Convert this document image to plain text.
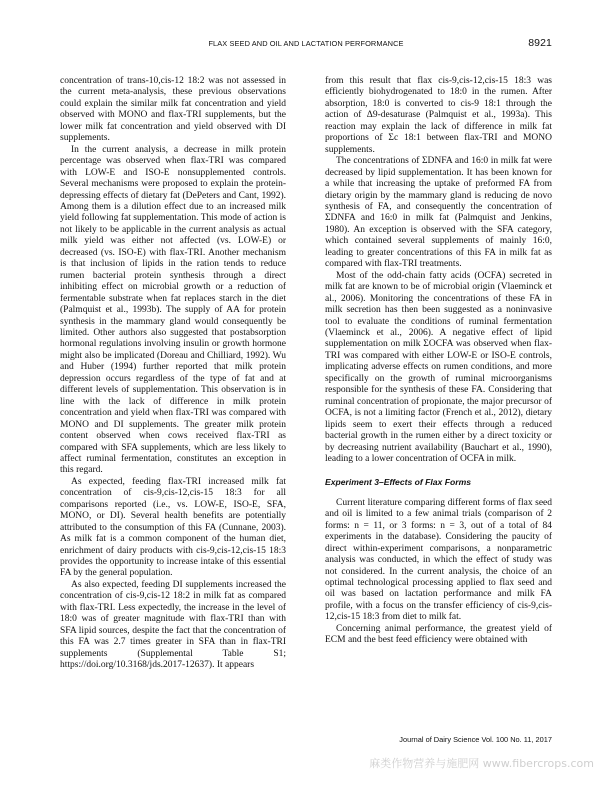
FLAX SEED AND OIL AND LACTATION PERFORMANCE	8921

concentration of trans-10,cis-12 18:2 was not assessed in the current meta-analysis, these previous observations could explain the similar milk fat concentration and yield observed with MONO and flax-TRI supplements, but the lower milk fat concentration and yield observed with DI supplements.

In the current analysis, a decrease in milk protein percentage was observed when flax-TRI was compared with LOW-E and ISO-E nonsupplemented controls. Several mechanisms were proposed to explain the protein-depressing effects of dietary fat (DePeters and Cant, 1992). Among them is a dilution effect due to an increased milk yield following fat supplementation. This mode of action is not likely to be applicable in the current analysis as actual milk yield was either not affected (vs. LOW-E) or decreased (vs. ISO-E) with flax-TRI. Another mechanism is that inclusion of lipids in the ration tends to reduce rumen bacterial protein synthesis through a direct inhibiting effect on microbial growth or a reduction of fermentable substrate when fat replaces starch in the diet (Palmquist et al., 1993b). The supply of AA for protein synthesis in the mammary gland would consequently be limited. Other authors also suggested that postabsorption hormonal regulations involving insulin or growth hormone might also be implicated (Doreau and Chilliard, 1992). Wu and Huber (1994) further reported that milk protein depression occurs regardless of the type of fat and at different levels of supplementation. This observation is in line with the lack of difference in milk protein concentration and yield when flax-TRI was compared with MONO and DI supplements. The greater milk protein content observed when cows received flax-TRI as compared with SFA supplements, which are less likely to affect ruminal fermentation, constitutes an exception in this regard.

As expected, feeding flax-TRI increased milk fat concentration of cis-9,cis-12,cis-15 18:3 for all comparisons reported (i.e., vs. LOW-E, ISO-E, SFA, MONO, or DI). Several health benefits are potentially attributed to the consumption of this FA (Cunnane, 2003). As milk fat is a common component of the human diet, enrichment of dairy products with cis-9,cis-12,cis-15 18:3 provides the opportunity to increase intake of this essential FA by the general population.

As also expected, feeding DI supplements increased the concentration of cis-9,cis-12 18:2 in milk fat as compared with flax-TRI. Less expectedly, the increase in the level of 18:0 was of greater magnitude with flax-TRI than with SFA lipid sources, despite the fact that the concentration of this FA was 2.7 times greater in SFA than in flax-TRI supplements (Supplemental Table S1; https://doi.org/10.3168/jds.2017-12637). It appears

from this result that flax cis-9,cis-12,cis-15 18:3 was efficiently biohydrogenated to 18:0 in the rumen. After absorption, 18:0 is converted to cis-9 18:1 through the action of Δ9-desaturase (Palmquist et al., 1993a). This reaction may explain the lack of difference in milk fat proportions of Σc 18:1 between flax-TRI and MONO supplements.

The concentrations of ΣDNFA and 16:0 in milk fat were decreased by lipid supplementation. It has been known for a while that increasing the uptake of preformed FA from dietary origin by the mammary gland is reducing de novo synthesis of FA, and consequently the concentration of ΣDNFA and 16:0 in milk fat (Palmquist and Jenkins, 1980). An exception is observed with the SFA category, which contained several supplements of mainly 16:0, leading to greater concentrations of this FA in milk fat as compared with flax-TRI treatments.

Most of the odd-chain fatty acids (OCFA) secreted in milk fat are known to be of microbial origin (Vlaeminck et al., 2006). Monitoring the concentrations of these FA in milk secretion has then been suggested as a noninvasive tool to evaluate the conditions of ruminal fermentation (Vlaeminck et al., 2006). A negative effect of lipid supplementation on milk ΣOCFA was observed when flax-TRI was compared with either LOW-E or ISO-E controls, implicating adverse effects on rumen conditions, and more specifically on the growth of ruminal microorganisms responsible for the synthesis of these FA. Considering that ruminal concentration of propionate, the major precursor of OCFA, is not a limiting factor (French et al., 2012), dietary lipids seem to exert their effects through a reduced bacterial growth in the rumen either by a direct toxicity or by decreasing nutrient availability (Bauchart et al., 1990), leading to a lower concentration of OCFA in milk.

Experiment 3–Effects of Flax Forms

Current literature comparing different forms of flax seed and oil is limited to a few animal trials (comparison of 2 forms: n = 11, or 3 forms: n = 3, out of a total of 84 experiments in the database). Considering the paucity of direct within-experiment comparisons, a nonparametric analysis was conducted, in which the effect of study was not considered. In the current analysis, the choice of an optimal technological processing applied to flax seed and oil was based on lactation performance and milk FA profile, with a focus on the transfer efficiency of cis-9,cis-12,cis-15 18:3 from diet to milk fat.

Concerning animal performance, the greatest yield of ECM and the best feed efficiency were obtained with

Journal of Dairy Science Vol. 100 No. 11, 2017
麻类作物营养与施肥网 www.fibercrops.com
